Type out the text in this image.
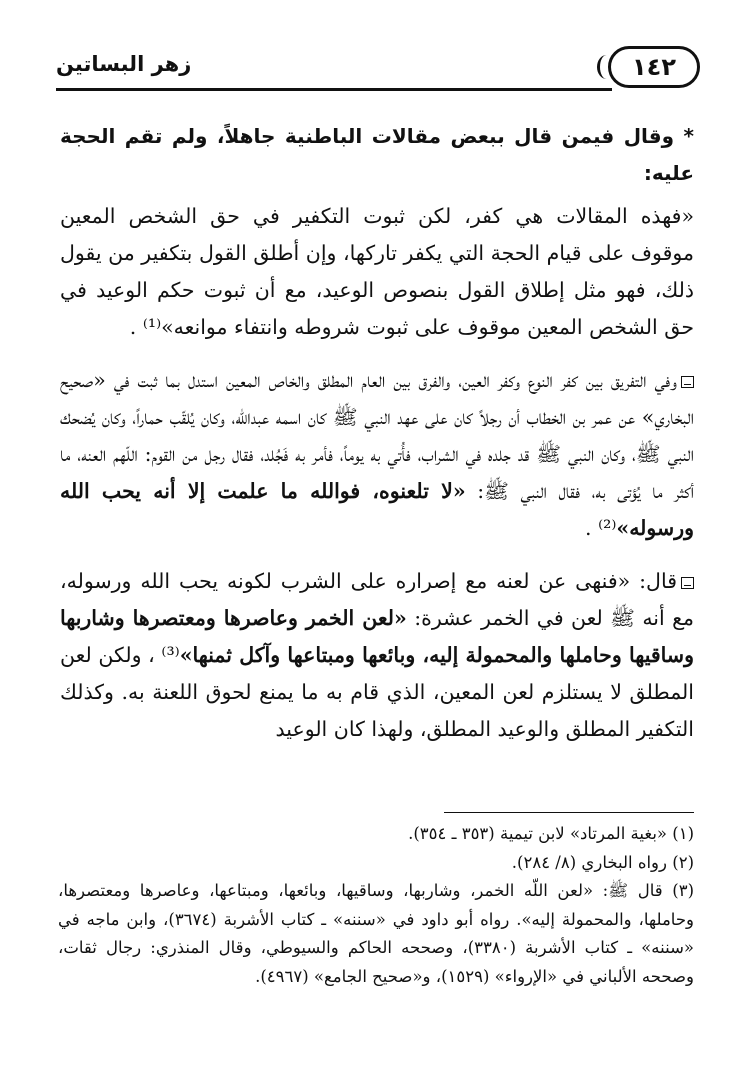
١٤٢
زهر البساتين

* وقال فيمن قال ببعض مقالات الباطنية جاهلاً، ولم تقم الحجة عليه:

«فهذه المقالات هي كفر، لكن ثبوت التكفير في حق الشخص المعين موقوف على قيام الحجة التي يكفر تاركها، وإن أطلق القول بتكفير من يقول ذلك، فهو مثل إطلاق القول بنصوص الوعيد، مع أن ثبوت حكم الوعيد في حق الشخص المعين موقوف على ثبوت شروطه وانتفاء موانعه»⁽¹⁾ .

وفي التفريق بين كفر النوع وكفر العين، والفرق بين العام المطلق والخاص المعين استدل بما ثبت في «صحيح البخاري» عن عمر بن الخطاب أن رجلاً كان على عهد النبي ﷺ كان اسمه عبدالله، وكان يُلقّب حماراً، وكان يُضحك النبي ﷺ، وكان النبي ﷺ قد جلده في الشراب، فأُتي به يوماً، فأمر به فَجُلد، فقال رجل من القوم: اللّهم العنه، ما أكثر ما يُؤتى به، فقال النبي ﷺ: «لا تلعنوه، فوالله ما علمت إلا أنه يحب الله ورسوله»⁽²⁾ .

قال: «فنهى عن لعنه مع إصراره على الشرب لكونه يحب الله ورسوله، مع أنه ﷺ لعن في الخمر عشرة: «لعن الخمر وعاصرها ومعتصرها وشاربها وساقيها وحاملها والمحمولة إليه، وبائعها ومبتاعها وآكل ثمنها»⁽³⁾ ، ولكن لعن المطلق لا يستلزم لعن المعين، الذي قام به ما يمنع لحوق اللعنة به. وكذلك التكفير المطلق والوعيد المطلق، ولهذا كان الوعيد

(١) «بغية المرتاد» لابن تيمية (٣٥٣ ـ ٣٥٤).

(٢) رواه البخاري (٨/ ٢٨٤).

(٣) قال ﷺ: «لعن اللّه الخمر، وشاربها، وساقيها، وبائعها، ومبتاعها، وعاصرها ومعتصرها، وحاملها، والمحمولة إليه». رواه أبو داود في «سننه» ـ كتاب الأشربة (٣٦٧٤)، وابن ماجه في «سننه» ـ كتاب الأشربة (٣٣٨٠)، وصححه الحاكم والسيوطي، وقال المنذري: رجال ثقات، وصححه الألباني في «الإرواء» (١٥٢٩)، و«صحيح الجامع» (٤٩٦٧).
